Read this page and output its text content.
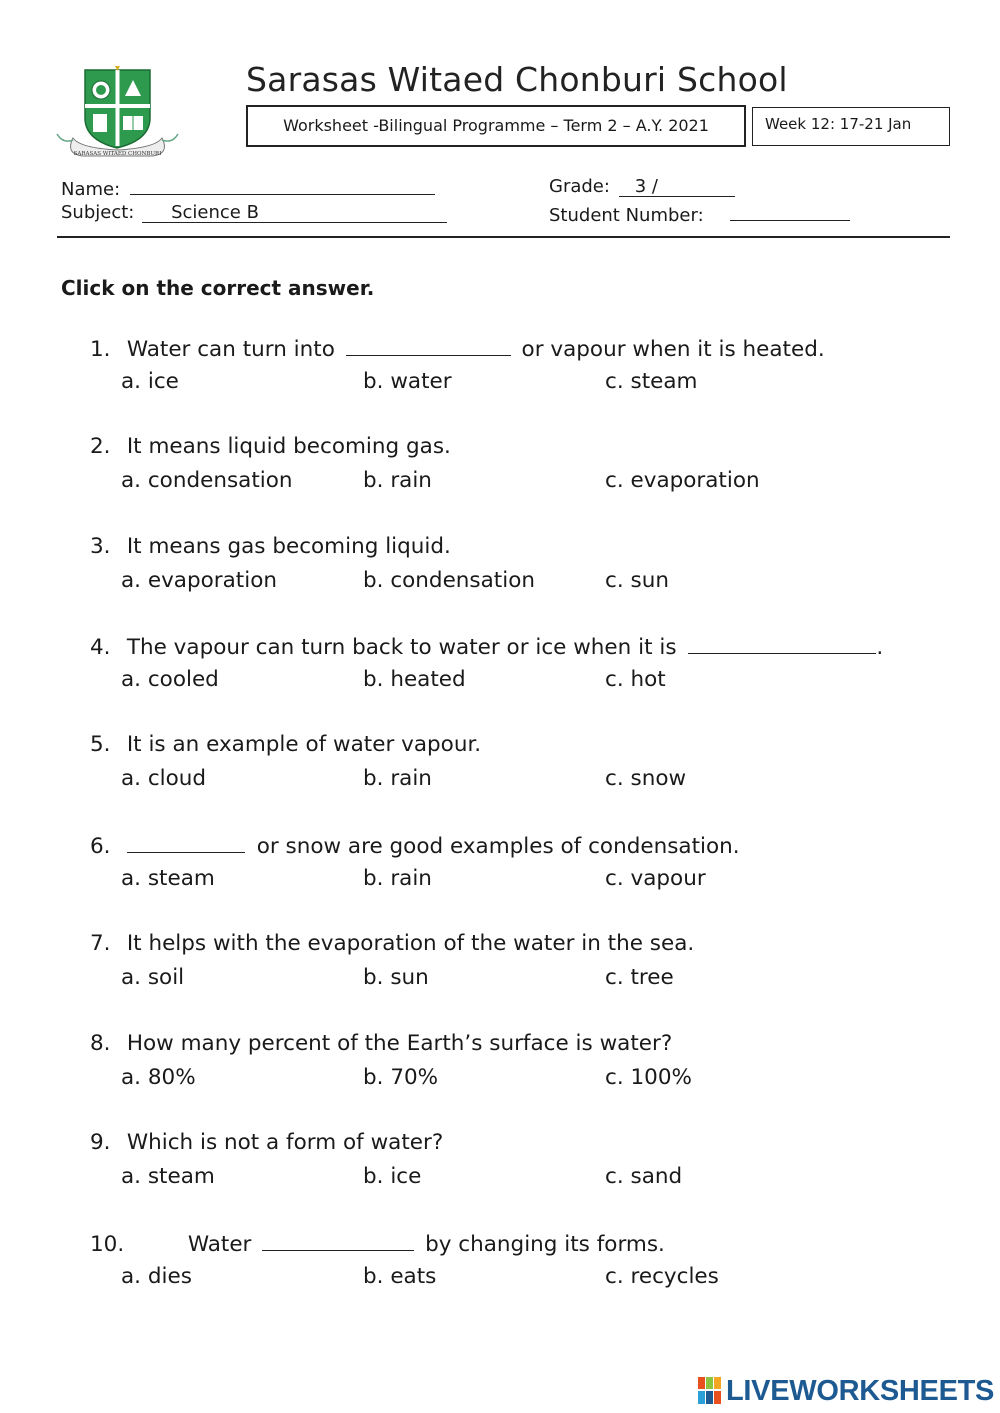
SARASAS WITAED CHONBURI
Sarasas Witaed Chonburi School
Worksheet -Bilingual Programme – Term 2 – A.Y. 2021	Week 12: 17-21 Jan
Name:
Subject: Science B
Grade: 3 /
Student Number:
Click on the correct answer.
1. Water can turn into	or vapour when it is heated.
a. ice	b. water	c. steam
2. It means liquid becoming gas.
a. condensation	b. rain	c. evaporation
3. It means gas becoming liquid.
a. evaporation	b. condensation	c. sun
4. The vapour can turn back to water or ice when it is	.
a. cooled	b. heated	c. hot
5. It is an example of water vapour.
a. cloud	b. rain	c. snow
6.	or snow are good examples of condensation.
a. steam	b. rain	c. vapour
7. It helps with the evaporation of the water in the sea.
a. soil	b. sun	c. tree
8. How many percent of the Earth’s surface is water?
a. 80%	b. 70%	c. 100%
9. Which is not a form of water?
a. steam	b. ice	c. sand
10.	Water	by changing its forms.
a. dies	b. eats	c. recycles
LIVEWORKSHEETS
